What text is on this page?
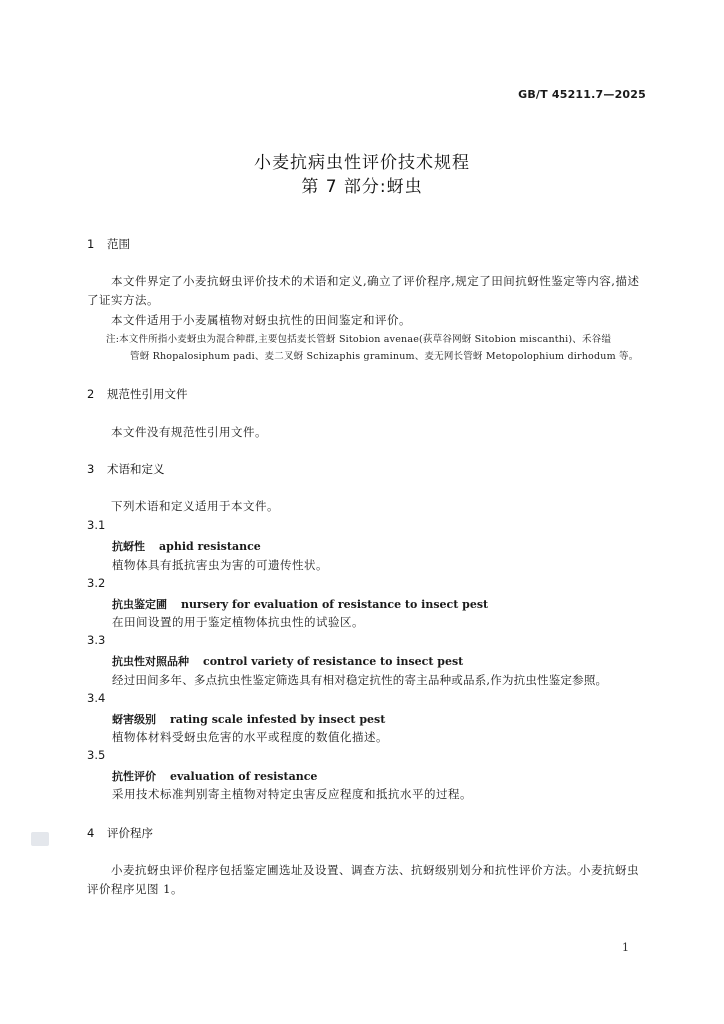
GB/T 45211.7—2025
小麦抗病虫性评价技术规程
第 7 部分:蚜虫
1 范围
本文件界定了小麦抗蚜虫评价技术的术语和定义,确立了评价程序,规定了田间抗蚜性鉴定等内容,描述了证实方法。
本文件适用于小麦属植物对蚜虫抗性的田间鉴定和评价。
注:本文件所指小麦蚜虫为混合种群,主要包括麦长管蚜 Sitobion avenae(荻草谷网蚜 Sitobion miscanthi)、禾谷缢
管蚜 Rhopalosiphum padi、麦二叉蚜 Schizaphis graminum、麦无网长管蚜 Metopolophium dirhodum 等。
2 规范性引用文件
本文件没有规范性引用文件。
3 术语和定义
下列术语和定义适用于本文件。
3.1
抗蚜性 aphid resistance
植物体具有抵抗害虫为害的可遗传性状。
3.2
抗虫鉴定圃 nursery for evaluation of resistance to insect pest
在田间设置的用于鉴定植物体抗虫性的试验区。
3.3
抗虫性对照品种 control variety of resistance to insect pest
经过田间多年、多点抗虫性鉴定筛选具有相对稳定抗性的寄主品种或品系,作为抗虫性鉴定参照。
3.4
蚜害级别 rating scale infested by insect pest
植物体材料受蚜虫危害的水平或程度的数值化描述。
3.5
抗性评价 evaluation of resistance
采用技术标准判别寄主植物对特定虫害反应程度和抵抗水平的过程。
4 评价程序
小麦抗蚜虫评价程序包括鉴定圃选址及设置、调查方法、抗蚜级别划分和抗性评价方法。小麦抗蚜虫评价程序见图 1。
1
